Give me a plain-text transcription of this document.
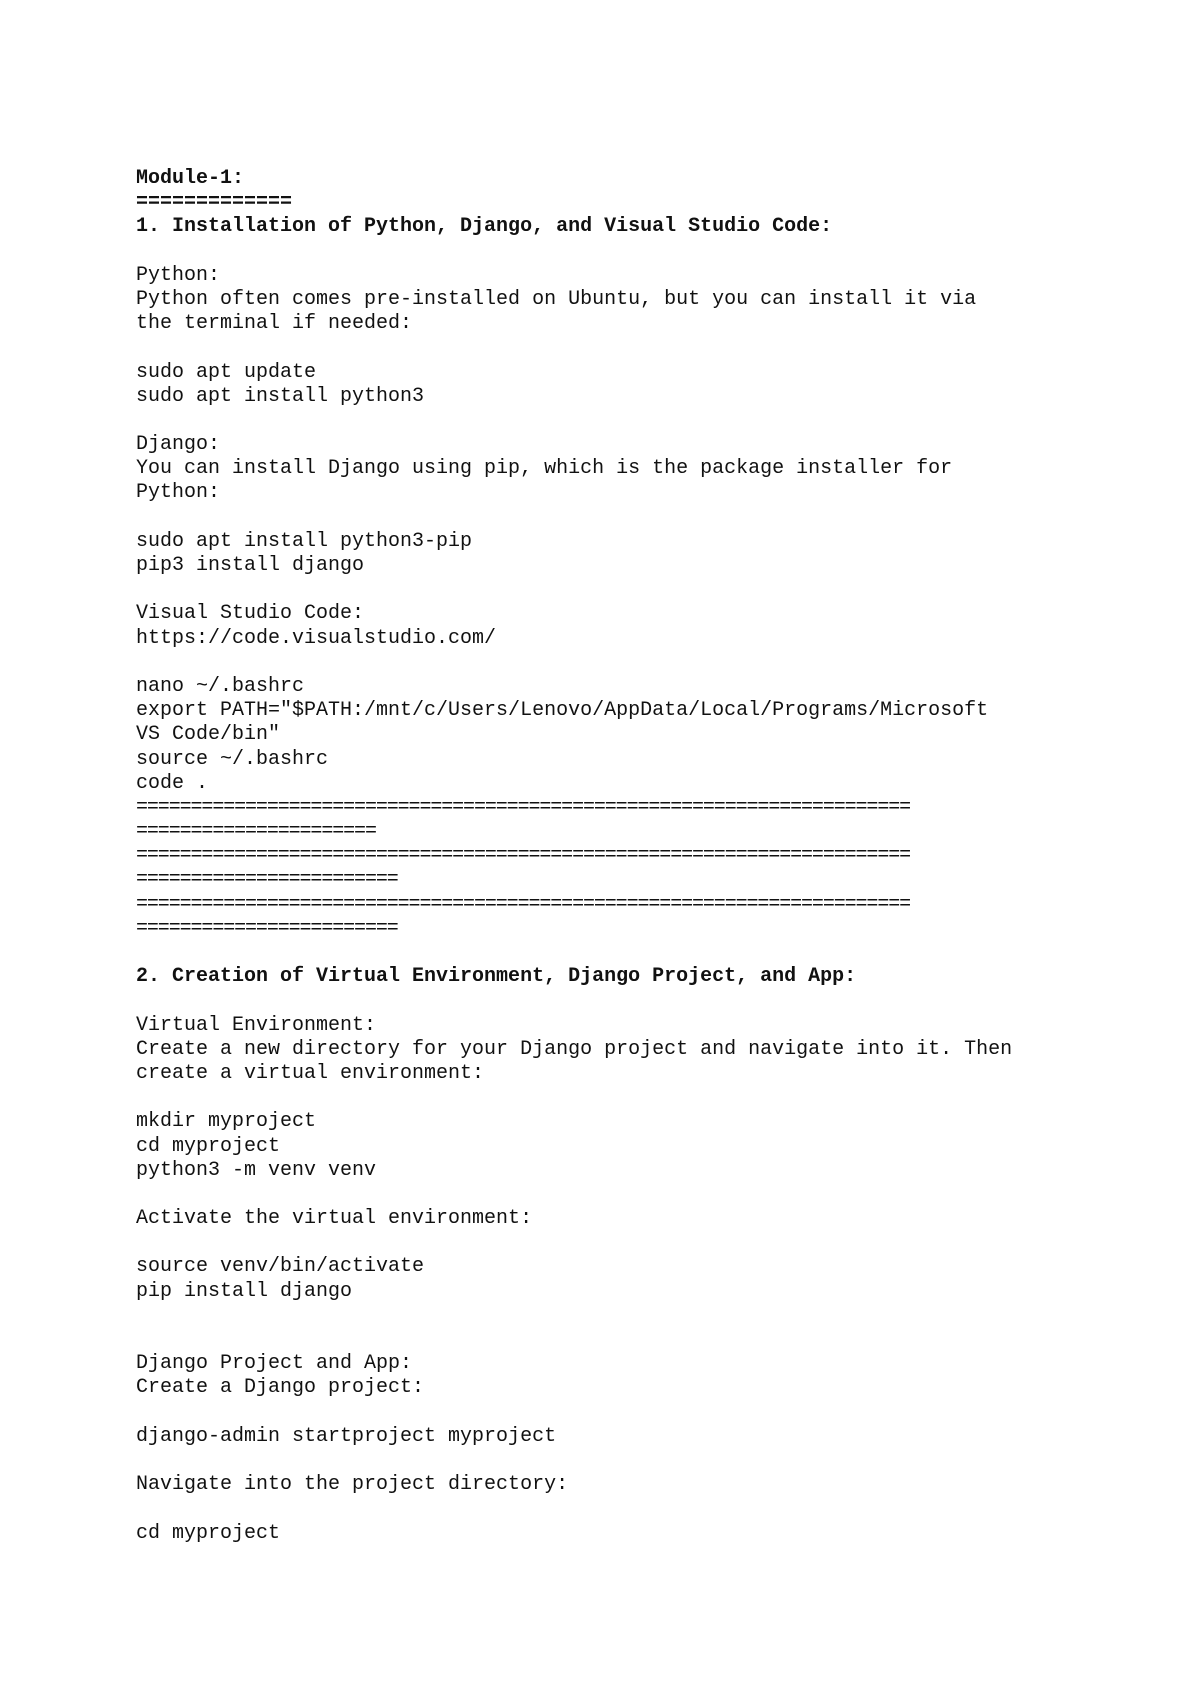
Module-1:
=============
1. Installation of Python, Django, and Visual Studio Code:
Python:
Python often comes pre-installed on Ubuntu, but you can install it via
the terminal if needed:
sudo apt update
sudo apt install python3
Django:
You can install Django using pip, which is the package installer for
Python:
sudo apt install python3-pip
pip3 install django
Visual Studio Code:
https://code.visualstudio.com/
nano ~/.bashrc
export PATH="$PATH:/mnt/c/Users/Lenovo/AppData/Local/Programs/Microsoft
VS Code/bin"
source ~/.bashrc
code .
=======================================================================
======================
=======================================================================
========================
=======================================================================
========================
2. Creation of Virtual Environment, Django Project, and App:
Virtual Environment:
Create a new directory for your Django project and navigate into it. Then
create a virtual environment:
mkdir myproject
cd myproject
python3 -m venv venv
Activate the virtual environment:
source venv/bin/activate
pip install django
Django Project and App:
Create a Django project:
django-admin startproject myproject
Navigate into the project directory:
cd myproject
